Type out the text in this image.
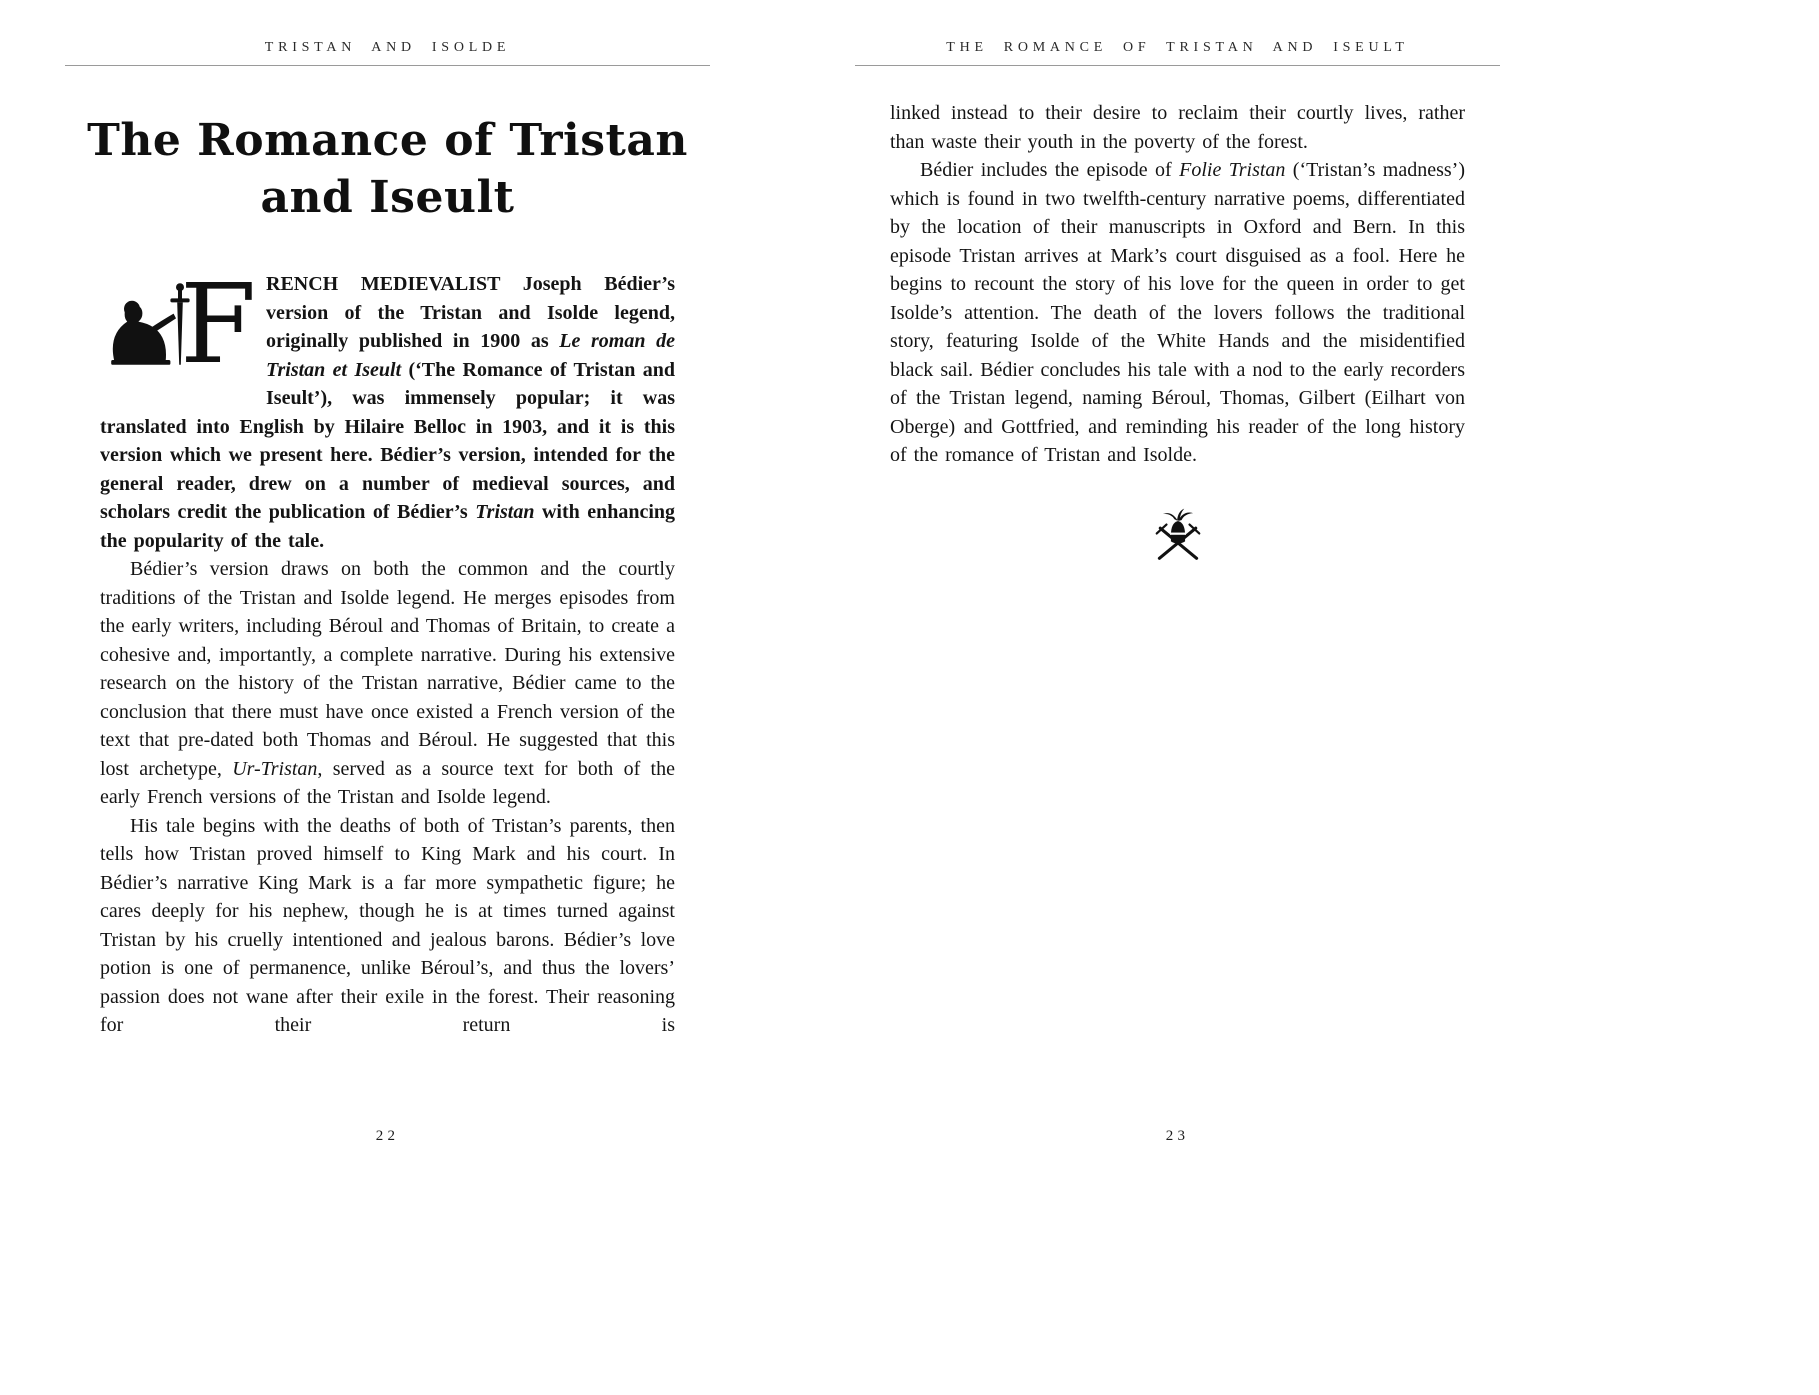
TRISTAN AND ISOLDE
The Romance of Tristan
and Iseult

F RENCH MEDIEVALIST Joseph Bédier’s version of the Tristan and Isolde legend, originally published in 1900 as Le roman de Tristan et Iseult (‘The Romance of Tristan and Iseult’), was immensely popular; it was translated into English by Hilaire Belloc in 1903, and it is this version which we present here. Bédier’s version, intended for the general reader, drew on a number of medieval sources, and scholars credit the publication of Bédier’s Tristan with enhancing the popularity of the tale.

Bédier’s version draws on both the common and the courtly traditions of the Tristan and Isolde legend. He merges episodes from the early writers, including Béroul and Thomas of Britain, to create a cohesive and, importantly, a complete narrative. During his extensive research on the history of the Tristan narrative, Bédier came to the conclusion that there must have once existed a French version of the text that pre-dated both Thomas and Béroul. He suggested that this lost archetype, Ur-Tristan, served as a source text for both of the early French versions of the Tristan and Isolde legend.

His tale begins with the deaths of both of Tristan’s parents, then tells how Tristan proved himself to King Mark and his court. In Bédier’s narrative King Mark is a far more sympathetic figure; he cares deeply for his nephew, though he is at times turned against Tristan by his cruelly intentioned and jealous barons. Bédier’s love potion is one of permanence, unlike Béroul’s, and thus the lovers’ passion does not wane after their exile in the forest. Their reasoning for their return is

22
THE ROMANCE OF TRISTAN AND ISEULT

linked instead to their desire to reclaim their courtly lives, rather than waste their youth in the poverty of the forest.

Bédier includes the episode of Folie Tristan (‘Tristan’s madness’) which is found in two twelfth-century narrative poems, differentiated by the location of their manuscripts in Oxford and Bern. In this episode Tristan arrives at Mark’s court disguised as a fool. Here he begins to recount the story of his love for the queen in order to get Isolde’s attention. The death of the lovers follows the traditional story, featuring Isolde of the White Hands and the misidentified black sail. Bédier concludes his tale with a nod to the early recorders of the Tristan legend, naming Béroul, Thomas, Gilbert (Eilhart von Oberge) and Gottfried, and reminding his reader of the long history of the romance of Tristan and Isolde.

23
